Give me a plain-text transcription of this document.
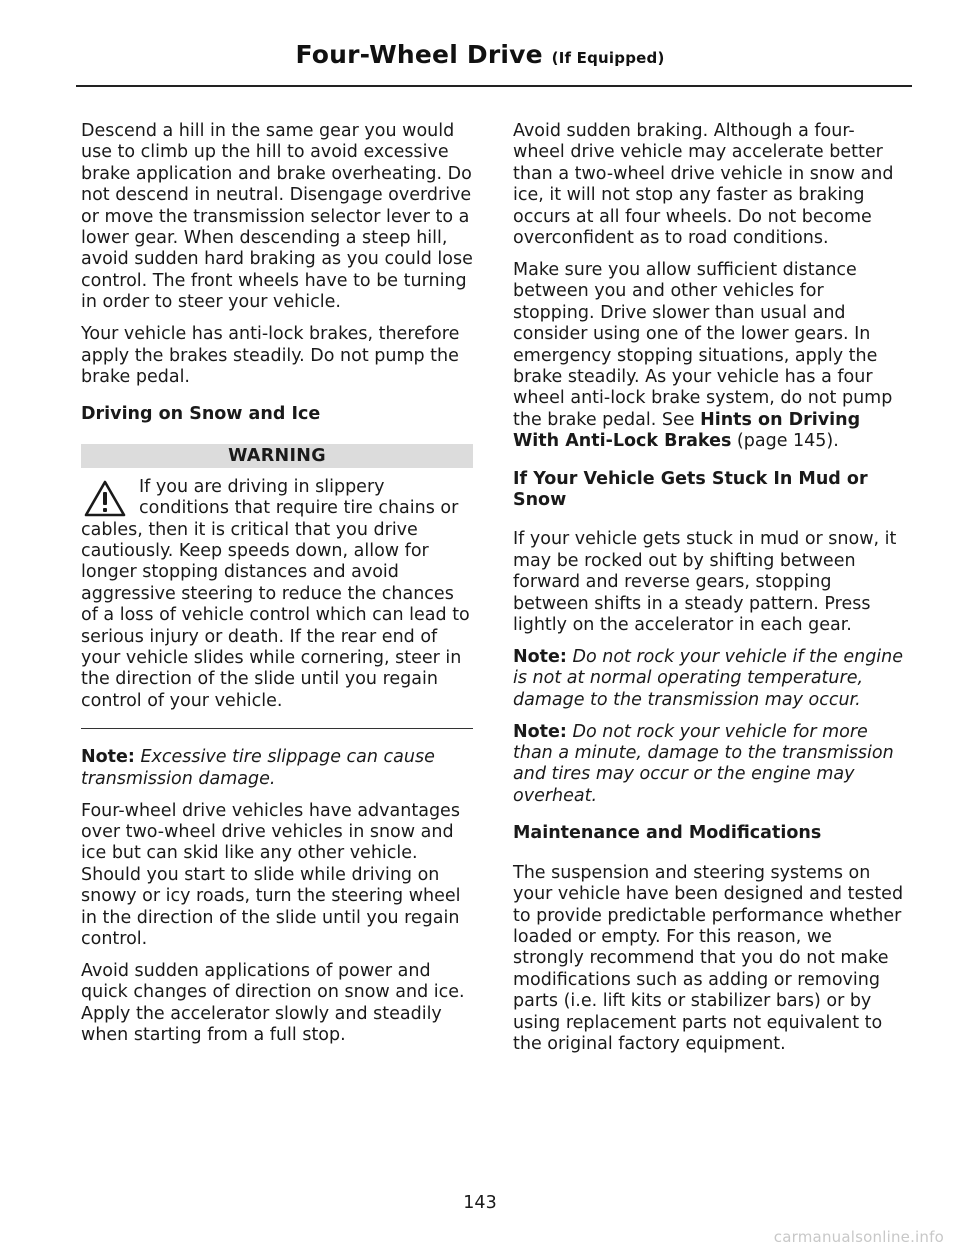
Four-Wheel Drive (If Equipped)

Descend a hill in the same gear you would use to climb up the hill to avoid excessive brake application and brake overheating. Do not descend in neutral. Disengage overdrive or move the transmission selector lever to a lower gear. When descending a steep hill, avoid sudden hard braking as you could lose control. The front wheels have to be turning in order to steer your vehicle.

Your vehicle has anti-lock brakes, therefore apply the brakes steadily. Do not pump the brake pedal.

Driving on Snow and Ice
WARNING

If you are driving in slippery conditions that require tire chains or cables, then it is critical that you drive cautiously. Keep speeds down, allow for longer stopping distances and avoid aggressive steering to reduce the chances of a loss of vehicle control which can lead to serious injury or death. If the rear end of your vehicle slides while cornering, steer in the direction of the slide until you regain control of your vehicle.

Note: Excessive tire slippage can cause transmission damage.

Four-wheel drive vehicles have advantages over two-wheel drive vehicles in snow and ice but can skid like any other vehicle. Should you start to slide while driving on snowy or icy roads, turn the steering wheel in the direction of the slide until you regain control.

Avoid sudden applications of power and quick changes of direction on snow and ice. Apply the accelerator slowly and steadily when starting from a full stop.

Avoid sudden braking. Although a four-wheel drive vehicle may accelerate better than a two-wheel drive vehicle in snow and ice, it will not stop any faster as braking occurs at all four wheels. Do not become overconfident as to road conditions.

Make sure you allow sufficient distance between you and other vehicles for stopping. Drive slower than usual and consider using one of the lower gears. In emergency stopping situations, apply the brake steadily. As your vehicle has a four wheel anti-lock brake system, do not pump the brake pedal. See Hints on Driving With Anti-Lock Brakes (page 145).

If Your Vehicle Gets Stuck In Mud or Snow

If your vehicle gets stuck in mud or snow, it may be rocked out by shifting between forward and reverse gears, stopping between shifts in a steady pattern. Press lightly on the accelerator in each gear.

Note: Do not rock your vehicle if the engine is not at normal operating temperature, damage to the transmission may occur.

Note: Do not rock your vehicle for more than a minute, damage to the transmission and tires may occur or the engine may overheat.

Maintenance and Modifications

The suspension and steering systems on your vehicle have been designed and tested to provide predictable performance whether loaded or empty. For this reason, we strongly recommend that you do not make modifications such as adding or removing parts (i.e. lift kits or stabilizer bars) or by using replacement parts not equivalent to the original factory equipment.

143
carmanualsonline.info
